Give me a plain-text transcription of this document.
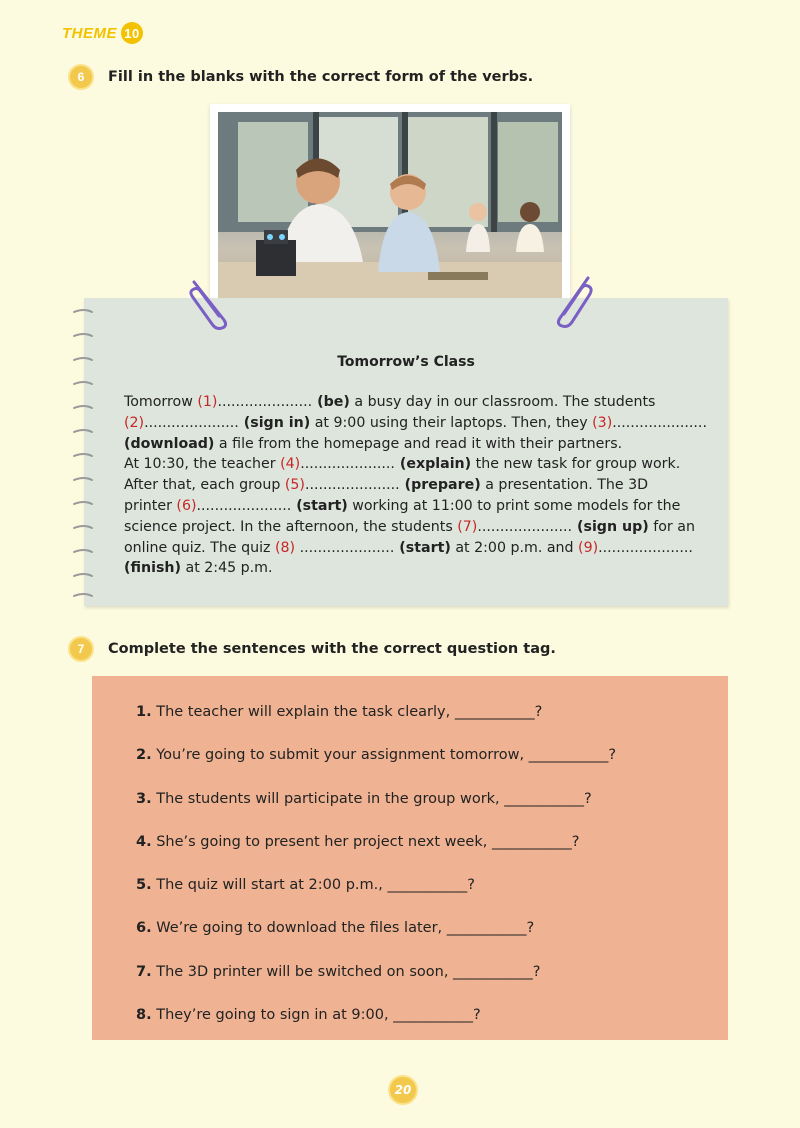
THEME 10
6	Fill in the blanks with the correct form of the verbs.
Tomorrow’s Class
Tomorrow (1)..................... (be) a busy day in our classroom. The students
(2)..................... (sign in) at 9:00 using their laptops. Then, they (3).....................
(download) a file from the homepage and read it with their partners.
At 10:30, the teacher (4)..................... (explain) the new task for group work.
After that, each group (5)..................... (prepare) a presentation. The 3D
printer (6)..................... (start) working at 11:00 to print some models for the
science project. In the afternoon, the students (7)..................... (sign up) for an
online quiz. The quiz (8) ..................... (start) at 2:00 p.m. and (9).....................
(finish) at 2:45 p.m.
7	Complete the sentences with the correct question tag.
1. The teacher will explain the task clearly, ___________?
2. You’re going to submit your assignment tomorrow, ___________?
3. The students will participate in the group work, ___________?
4. She’s going to present her project next week, ___________?
5. The quiz will start at 2:00 p.m., ___________?
6. We’re going to download the files later, ___________?
7. The 3D printer will be switched on soon, ___________?
8. They’re going to sign in at 9:00, ___________?
20
